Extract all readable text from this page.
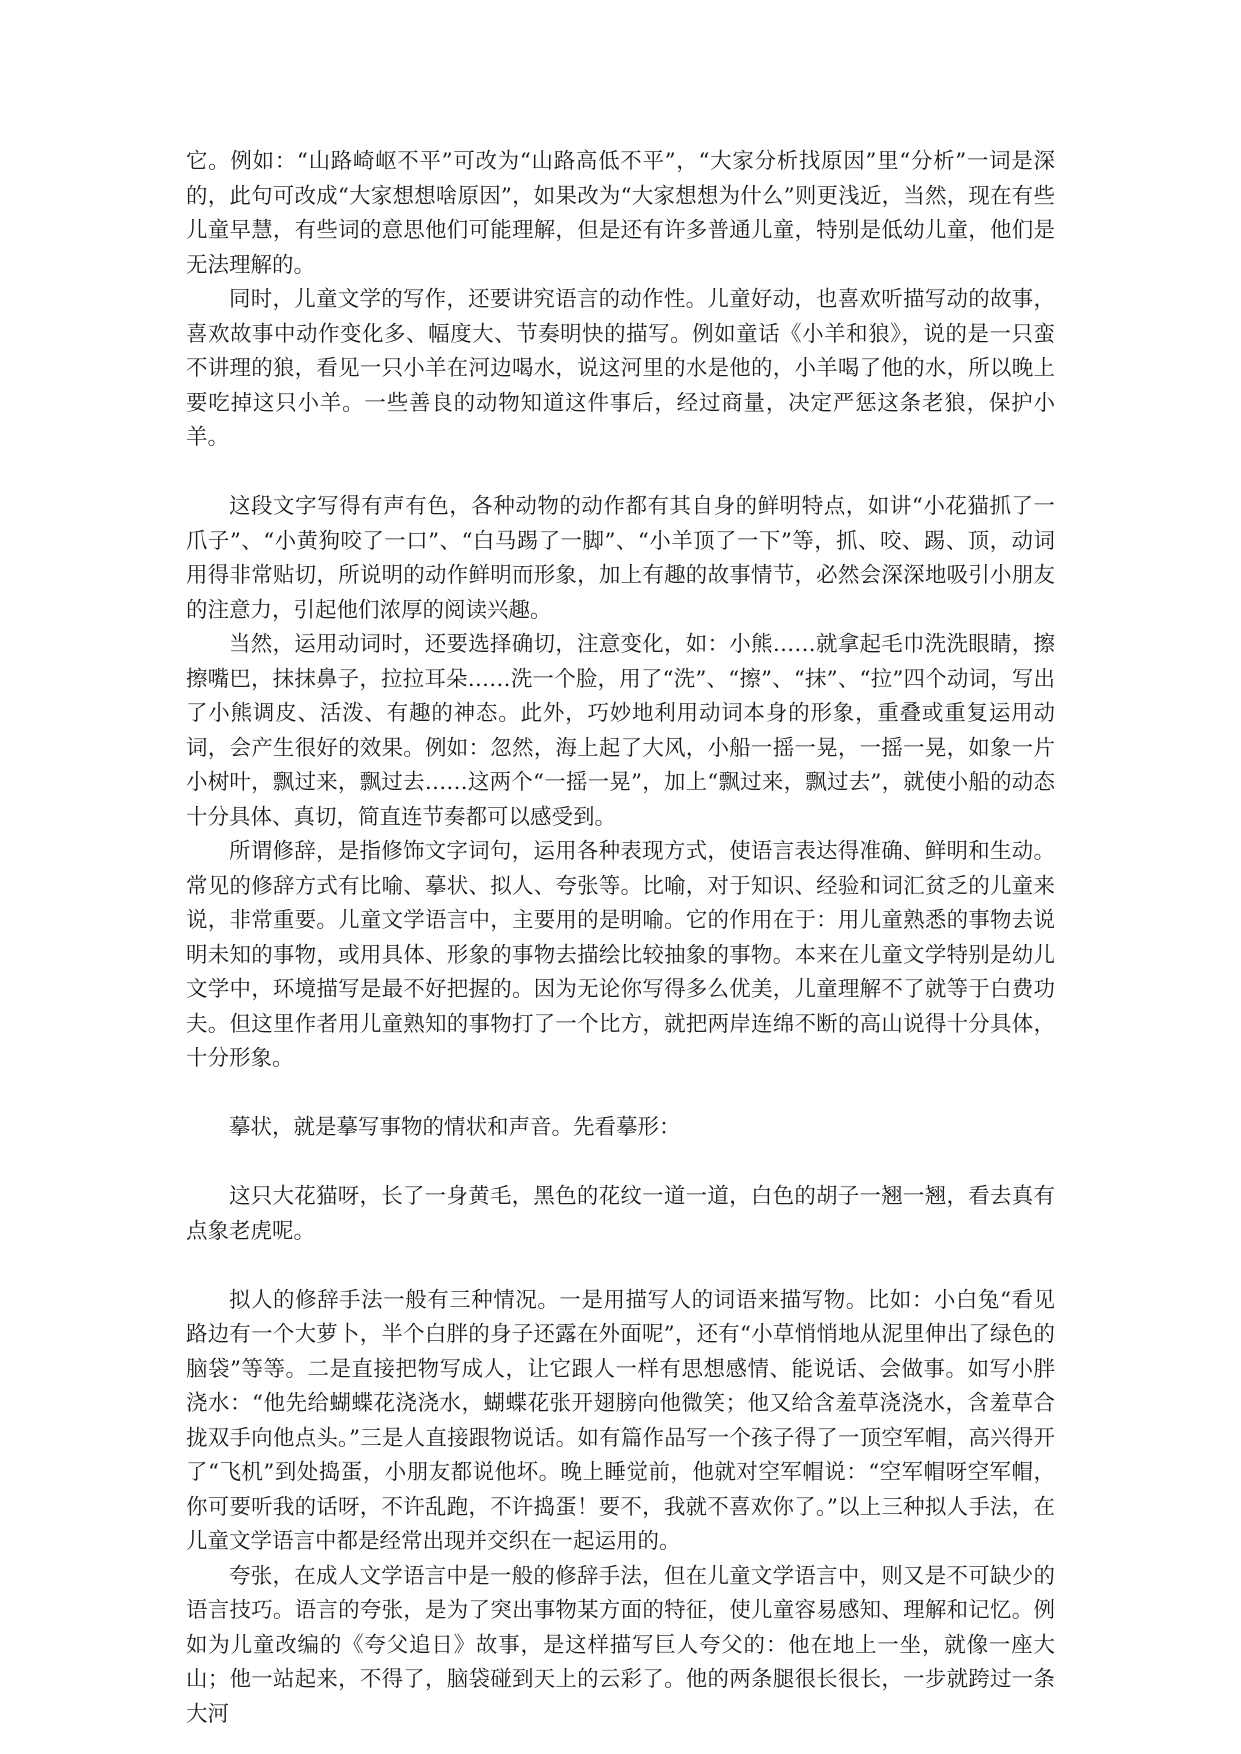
它。例如：“山路崎岖不平”可改为“山路高低不平”，“大家分析找原因”里“分析”一词是深的，此句可改成“大家想想啥原因”，如果改为“大家想想为什么”则更浅近，当然，现在有些儿童早慧，有些词的意思他们可能理解，但是还有许多普通儿童，特别是低幼儿童，他们是无法理解的。

同时，儿童文学的写作，还要讲究语言的动作性。儿童好动，也喜欢听描写动的故事，喜欢故事中动作变化多、幅度大、节奏明快的描写。例如童话《小羊和狼》，说的是一只蛮不讲理的狼，看见一只小羊在河边喝水，说这河里的水是他的，小羊喝了他的水，所以晚上要吃掉这只小羊。一些善良的动物知道这件事后，经过商量，决定严惩这条老狼，保护小羊。

这段文字写得有声有色，各种动物的动作都有其自身的鲜明特点，如讲“小花猫抓了一爪子”、“小黄狗咬了一口”、“白马踢了一脚”、“小羊顶了一下”等，抓、咬、踢、顶，动词用得非常贴切，所说明的动作鲜明而形象，加上有趣的故事情节，必然会深深地吸引小朋友的注意力，引起他们浓厚的阅读兴趣。

当然，运用动词时，还要选择确切，注意变化，如：小熊……就拿起毛巾洗洗眼睛，擦擦嘴巴，抹抹鼻子，拉拉耳朵……洗一个脸，用了“洗”、“擦”、“抹”、“拉”四个动词，写出了小熊调皮、活泼、有趣的神态。此外，巧妙地利用动词本身的形象，重叠或重复运用动词，会产生很好的效果。例如：忽然，海上起了大风，小船一摇一晃，一摇一晃，如象一片小树叶，飘过来，飘过去……这两个“一摇一晃”，加上“飘过来，飘过去”，就使小船的动态十分具体、真切，简直连节奏都可以感受到。

所谓修辞，是指修饰文字词句，运用各种表现方式，使语言表达得准确、鲜明和生动。常见的修辞方式有比喻、摹状、拟人、夸张等。比喻，对于知识、经验和词汇贫乏的儿童来说，非常重要。儿童文学语言中，主要用的是明喻。它的作用在于：用儿童熟悉的事物去说明未知的事物，或用具体、形象的事物去描绘比较抽象的事物。本来在儿童文学特别是幼儿文学中，环境描写是最不好把握的。因为无论你写得多么优美，儿童理解不了就等于白费功夫。但这里作者用儿童熟知的事物打了一个比方，就把两岸连绵不断的高山说得十分具体，十分形象。

摹状，就是摹写事物的情状和声音。先看摹形：

这只大花猫呀，长了一身黄毛，黑色的花纹一道一道，白色的胡子一翘一翘，看去真有点象老虎呢。

拟人的修辞手法一般有三种情况。一是用描写人的词语来描写物。比如：小白兔“看见路边有一个大萝卜，半个白胖的身子还露在外面呢”，还有“小草悄悄地从泥里伸出了绿色的脑袋”等等。二是直接把物写成人，让它跟人一样有思想感情、能说话、会做事。如写小胖浇水：“他先给蝴蝶花浇浇水，蝴蝶花张开翅膀向他微笑；他又给含羞草浇浇水，含羞草合拢双手向他点头。”三是人直接跟物说话。如有篇作品写一个孩子得了一顶空军帽，高兴得开了“飞机”到处捣蛋，小朋友都说他坏。晚上睡觉前，他就对空军帽说：“空军帽呀空军帽，你可要听我的话呀，不许乱跑，不许捣蛋！要不，我就不喜欢你了。”以上三种拟人手法，在儿童文学语言中都是经常出现并交织在一起运用的。

夸张，在成人文学语言中是一般的修辞手法，但在儿童文学语言中，则又是不可缺少的语言技巧。语言的夸张，是为了突出事物某方面的特征，使儿童容易感知、理解和记忆。例如为儿童改编的《夸父追日》故事，是这样描写巨人夸父的：他在地上一坐，就像一座大山；他一站起来，不得了，脑袋碰到天上的云彩了。他的两条腿很长很长，一步就跨过一条大河
